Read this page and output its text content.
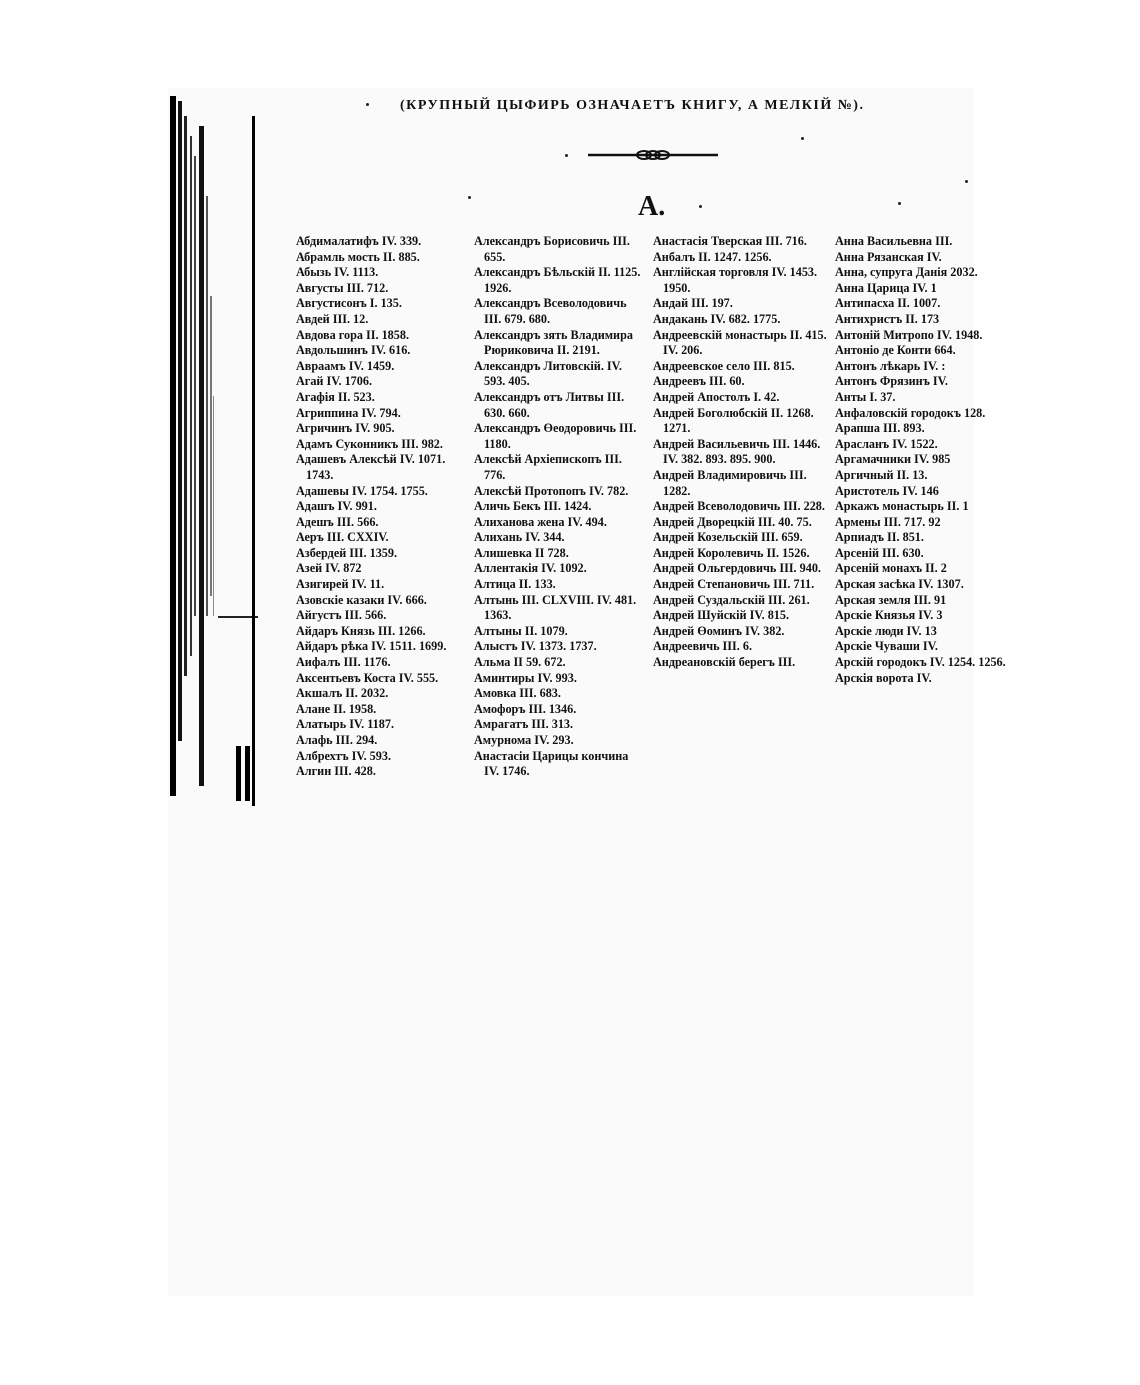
(КРУПНЫЙ ЦЫФИРЬ ОЗНАЧАЕТЪ КНИГУ, А МЕЛКІЙ №).
А.
Абдималатифъ IV. 339.
Абрамль мость II. 885.
Абызь IV. 1113.
Августы III. 712.
Августисонъ I. 135.
Авдей III. 12.
Авдова гора II. 1858.
Авдольшинъ IV. 616.
Авраамъ IV. 1459.
Агай IV. 1706.
Агафія II. 523.
Агриппина IV. 794.
Агричинъ IV. 905.
Адамъ Суконникъ III. 982.
Адашевъ Алексѣй IV. 1071. 1743.
Адашевы IV. 1754. 1755.
Адашъ IV. 991.
Адешъ III. 566.
Аеръ III. CXXIV.
Азбердей III. 1359.
Азей IV. 872
Азигирей IV. 11.
Азовскіе казаки IV. 666.
Айгустъ III. 566.
Айдаръ Князь III. 1266.
Айдаръ рѣка IV. 1511. 1699.
Аифалъ III. 1176.
Аксентьевъ Коста IV. 555.
Акшалъ II. 2032.
Алане II. 1958.
Алатырь IV. 1187.
Алафь III. 294.
Албрехтъ IV. 593.
Алгин III. 428.
Александръ Борисовичь III. 655.
Александръ Бѣльскій II. 1125. 1926.
Александръ Всеволодовичь III. 679. 680.
Александръ зять Владимира Рюриковича II. 2191.
Александръ Литовскій. IV. 593. 405.
Александръ отъ Литвы III. 630. 660.
Александръ Өеодоровичь III. 1180.
Алексѣй Архіепископъ III. 776.
Алексѣй Протопопъ IV. 782.
Аличь Бекъ III. 1424.
Алихановa жена IV. 494.
Алихань IV. 344.
Алишевка II 728.
Аллентакія IV. 1092.
Алтица II. 133.
Алтынь III. CLXVIII. IV. 481. 1363.
Алтыны II. 1079.
Алыстъ IV. 1373. 1737.
Альма II 59. 672.
Аминтиры IV. 993.
Амовка III. 683.
Амофоръ III. 1346.
Амрагатъ III. 313.
Амурнома IV. 293.
Анастасіи Царицы кончина IV. 1746.
Анастасія Тверская III. 716.
Анбалъ II. 1247. 1256.
Англійская торговля IV. 1453. 1950.
Андай III. 197.
Андакань IV. 682. 1775.
Андреевскій монастырь II. 415. IV. 206.
Андреевское село III. 815.
Андреевъ III. 60.
Андрей Апостолъ I. 42.
Андрей Боголюбскій II. 1268. 1271.
Андрей Васильевичь III. 1446. IV. 382. 893. 895. 900.
Андрей Владимировичь III. 1282.
Андрей Всеволодовичь III. 228.
Андрей Дворецкій III. 40. 75.
Андрей Козельскій III. 659.
Андрей Королевичь II. 1526.
Андрей Ольгердовичь III. 940.
Андрей Степановичь III. 711.
Андрей Суздальскій III. 261.
Андрей Шуйскій IV. 815.
Андрей Өоминъ IV. 382.
Андреевичь III. 6.
Андреановскій берегъ III.
Анна Васильевна III.
Анна Рязанская IV.
Анна, супруга Данія 2032.
Анна Царица IV. 1
Антипасха II. 1007.
Антихристъ II. 173
Антоній Митропо IV. 1948.
Антоніо де Конти 664.
Антонъ лѣкарь IV. :
Антонъ Фрязинъ IV.
Анты I. 37.
Анфаловскій городокъ 128.
Арапша III. 893.
Арасланъ IV. 1522.
Аргамачники IV. 985
Аргичный II. 13.
Аристотель IV. 146
Аркажъ монастырь II. 1
Армены III. 717. 92
Арпиадъ II. 851.
Арсеній III. 630.
Арсеній монахъ II. 2
Арская засѣка IV. 1307.
Арская земля III. 91
Арскіе Князья IV. 3
Арскіе люди IV. 13
Арскіе Чуваши IV.
Арскій городокъ IV. 1254. 1256.
Арскія ворота IV.
